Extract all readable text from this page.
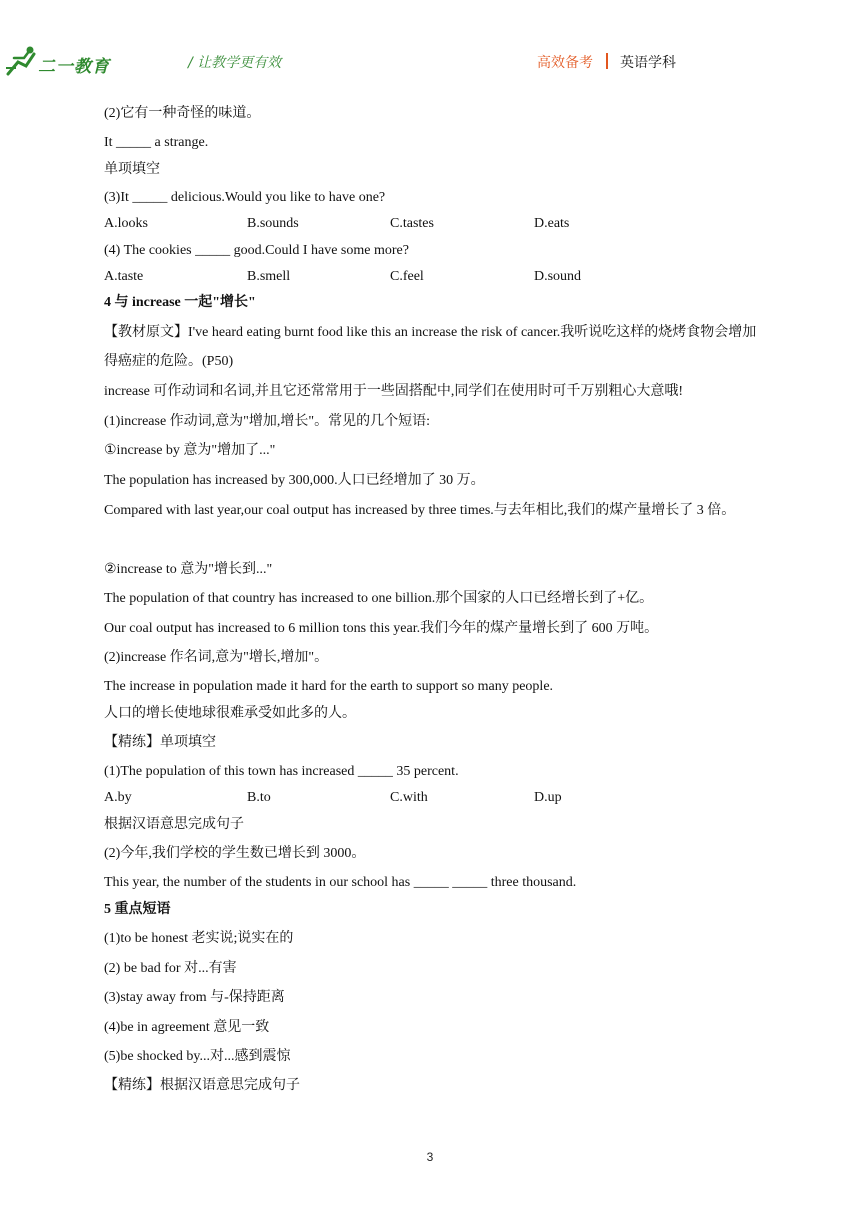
二一教育	/ 让教学更有效	高效备考 英语学科
(2)它有一种奇怪的味道。
It _____ a strange.
单项填空
(3)It _____ delicious.Would you like to have one?
A.looks	B.sounds	C.tastes	D.eats
(4) The cookies _____ good.Could I have some more?
A.taste	B.smell	C.feel	D.sound
4 与 increase 一起"增长"
【教材原文】I've heard eating burnt food like this an increase the risk of cancer.我听说吃这样的烧烤食物会增加得癌症的危险。(P50)
increase 可作动词和名词,并且它还常常用于一些固搭配中,同学们在使用时可千万别粗心大意哦!
(1)increase 作动词,意为"增加,增长"。常见的几个短语:
①increase by 意为"增加了..."
The population has increased by 300,000.人口已经增加了 30 万。
Compared with last year,our coal output has increased by three times.与去年相比,我们的煤产量增长了 3 倍。
②increase to 意为"增长到..."
The population of that country has increased to one billion.那个国家的人口已经增长到了+亿。
Our coal output has increased to 6 million tons this year.我们今年的煤产量增长到了 600 万吨。
(2)increase 作名词,意为"增长,增加"。
The increase in population made it hard for the earth to support so many people.
人口的增长使地球很难承受如此多的人。
【精练】单项填空
(1)The population of this town has increased _____ 35 percent.
A.by	B.to	C.with	D.up
根据汉语意思完成句子
(2)今年,我们学校的学生数已增长到 3000。
This year, the number of the students in our school has _____ _____ three thousand.
5 重点短语
(1)to be honest 老实说;说实在的
(2) be bad for 对...有害
(3)stay away from 与-保持距离
(4)be in agreement 意见一致
(5)be shocked by...对...感到震惊
【精练】根据汉语意思完成句子
3
